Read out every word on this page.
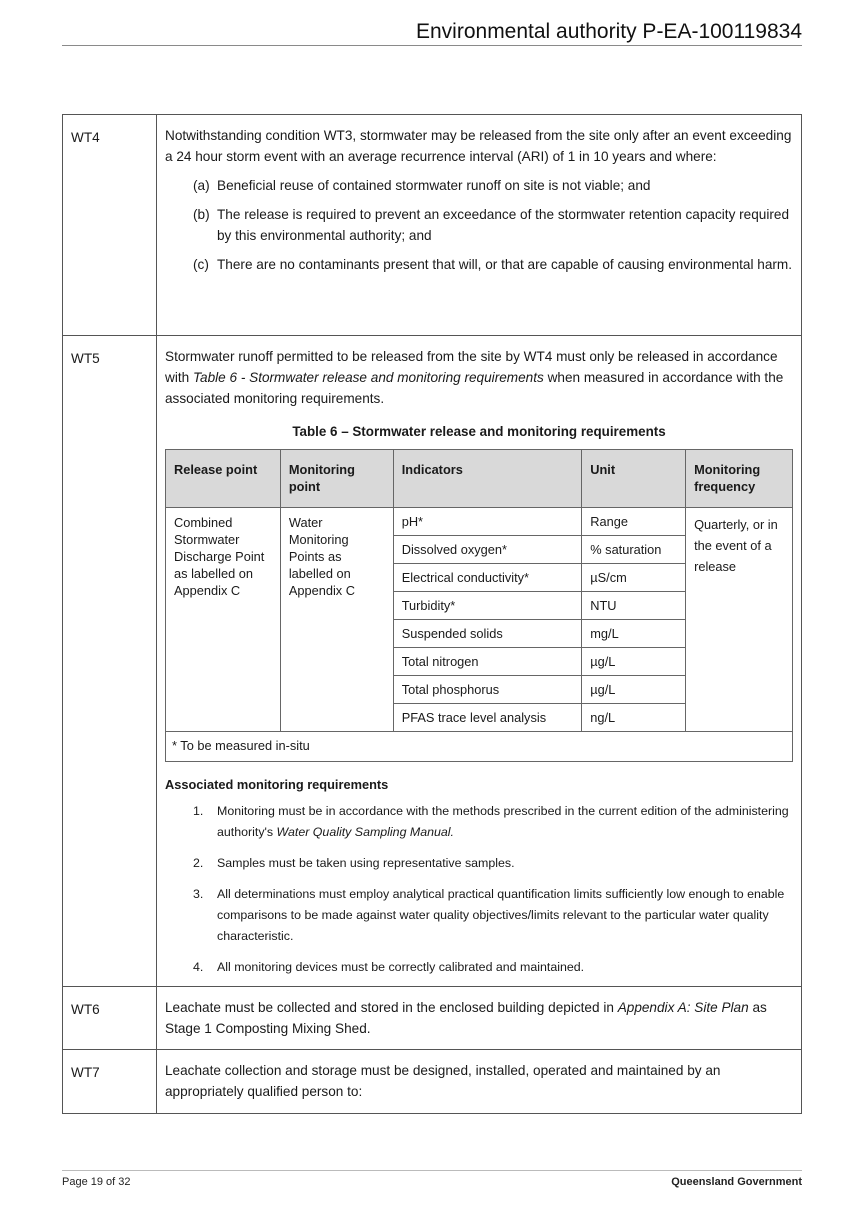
Environmental authority P-EA-100119834
WT4	Notwithstanding condition WT3, stormwater may be released from the site only after an event exceeding a 24 hour storm event with an average recurrence interval (ARI) of 1 in 10 years and where:
(a) Beneficial reuse of contained stormwater runoff on site is not viable; and
(b) The release is required to prevent an exceedance of the stormwater retention capacity required by this environmental authority; and
(c) There are no contaminants present that will, or that are capable of causing environmental harm.

WT5	Stormwater runoff permitted to be released from the site by WT4 must only be released in accordance with Table 6 - Stormwater release and monitoring requirements when measured in accordance with the associated monitoring requirements.
Table 6 – Stormwater release and monitoring requirements
Release point	Monitoring point	Indicators	Unit	Monitoring frequency
Combined Stormwater Discharge Point as labelled on Appendix C	Water Monitoring Points as labelled on Appendix C	pH*	Range	Quarterly, or in the event of a release
Dissolved oxygen*	% saturation
Electrical conductivity*	µS/cm
Turbidity*	NTU
Suspended solids	mg/L
Total nitrogen	µg/L
Total phosphorus	µg/L
PFAS trace level analysis	ng/L
* To be measured in-situ
Associated monitoring requirements
1.	Monitoring must be in accordance with the methods prescribed in the current edition of the administering authority's Water Quality Sampling Manual.
2.	Samples must be taken using representative samples.
3.	All determinations must employ analytical practical quantification limits sufficiently low enough to enable comparisons to be made against water quality objectives/limits relevant to the particular water quality characteristic.
4.	All monitoring devices must be correctly calibrated and maintained.

WT6	Leachate must be collected and stored in the enclosed building depicted in Appendix A: Site Plan as Stage 1 Composting Mixing Shed.
WT7	Leachate collection and storage must be designed, installed, operated and maintained by an appropriately qualified person to:
Page 19 of 32	Queensland Government
